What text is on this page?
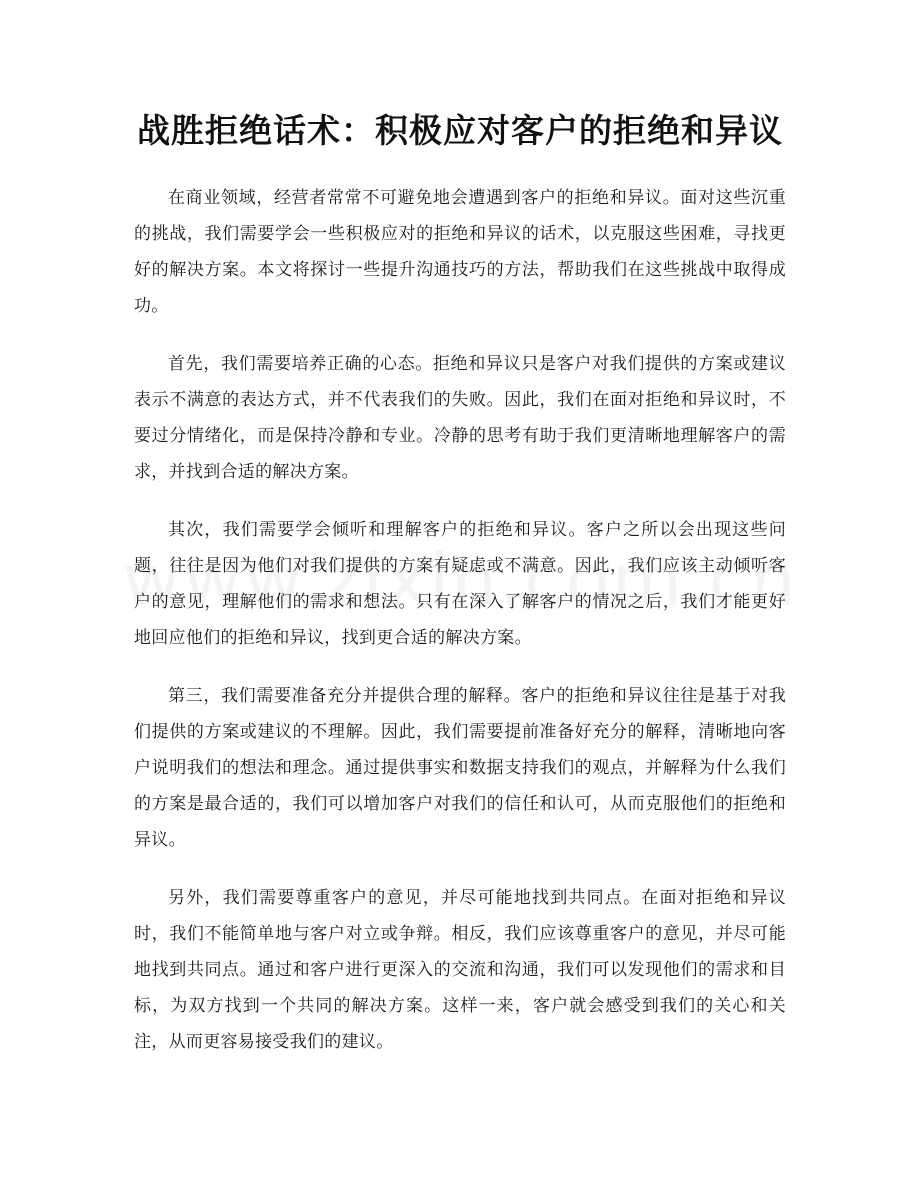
战胜拒绝话术：积极应对客户的拒绝和异议

在商业领域，经营者常常不可避免地会遭遇到客户的拒绝和异议。面对这些沉重的挑战，我们需要学会一些积极应对的拒绝和异议的话术，以克服这些困难，寻找更好的解决方案。本文将探讨一些提升沟通技巧的方法，帮助我们在这些挑战中取得成功。

首先，我们需要培养正确的心态。拒绝和异议只是客户对我们提供的方案或建议表示不满意的表达方式，并不代表我们的失败。因此，我们在面对拒绝和异议时，不要过分情绪化，而是保持冷静和专业。冷静的思考有助于我们更清晰地理解客户的需求，并找到合适的解决方案。

其次，我们需要学会倾听和理解客户的拒绝和异议。客户之所以会出现这些问题，往往是因为他们对我们提供的方案有疑虑或不满意。因此，我们应该主动倾听客户的意见，理解他们的需求和想法。只有在深入了解客户的情况之后，我们才能更好地回应他们的拒绝和异议，找到更合适的解决方案。

第三，我们需要准备充分并提供合理的解释。客户的拒绝和异议往往是基于对我们提供的方案或建议的不理解。因此，我们需要提前准备好充分的解释，清晰地向客户说明我们的想法和理念。通过提供事实和数据支持我们的观点，并解释为什么我们的方案是最合适的，我们可以增加客户对我们的信任和认可，从而克服他们的拒绝和异议。

另外，我们需要尊重客户的意见，并尽可能地找到共同点。在面对拒绝和异议时，我们不能简单地与客户对立或争辩。相反，我们应该尊重客户的意见，并尽可能地找到共同点。通过和客户进行更深入的交流和沟通，我们可以发现他们的需求和目标，为双方找到一个共同的解决方案。这样一来，客户就会感受到我们的关心和关注，从而更容易接受我们的建议。
